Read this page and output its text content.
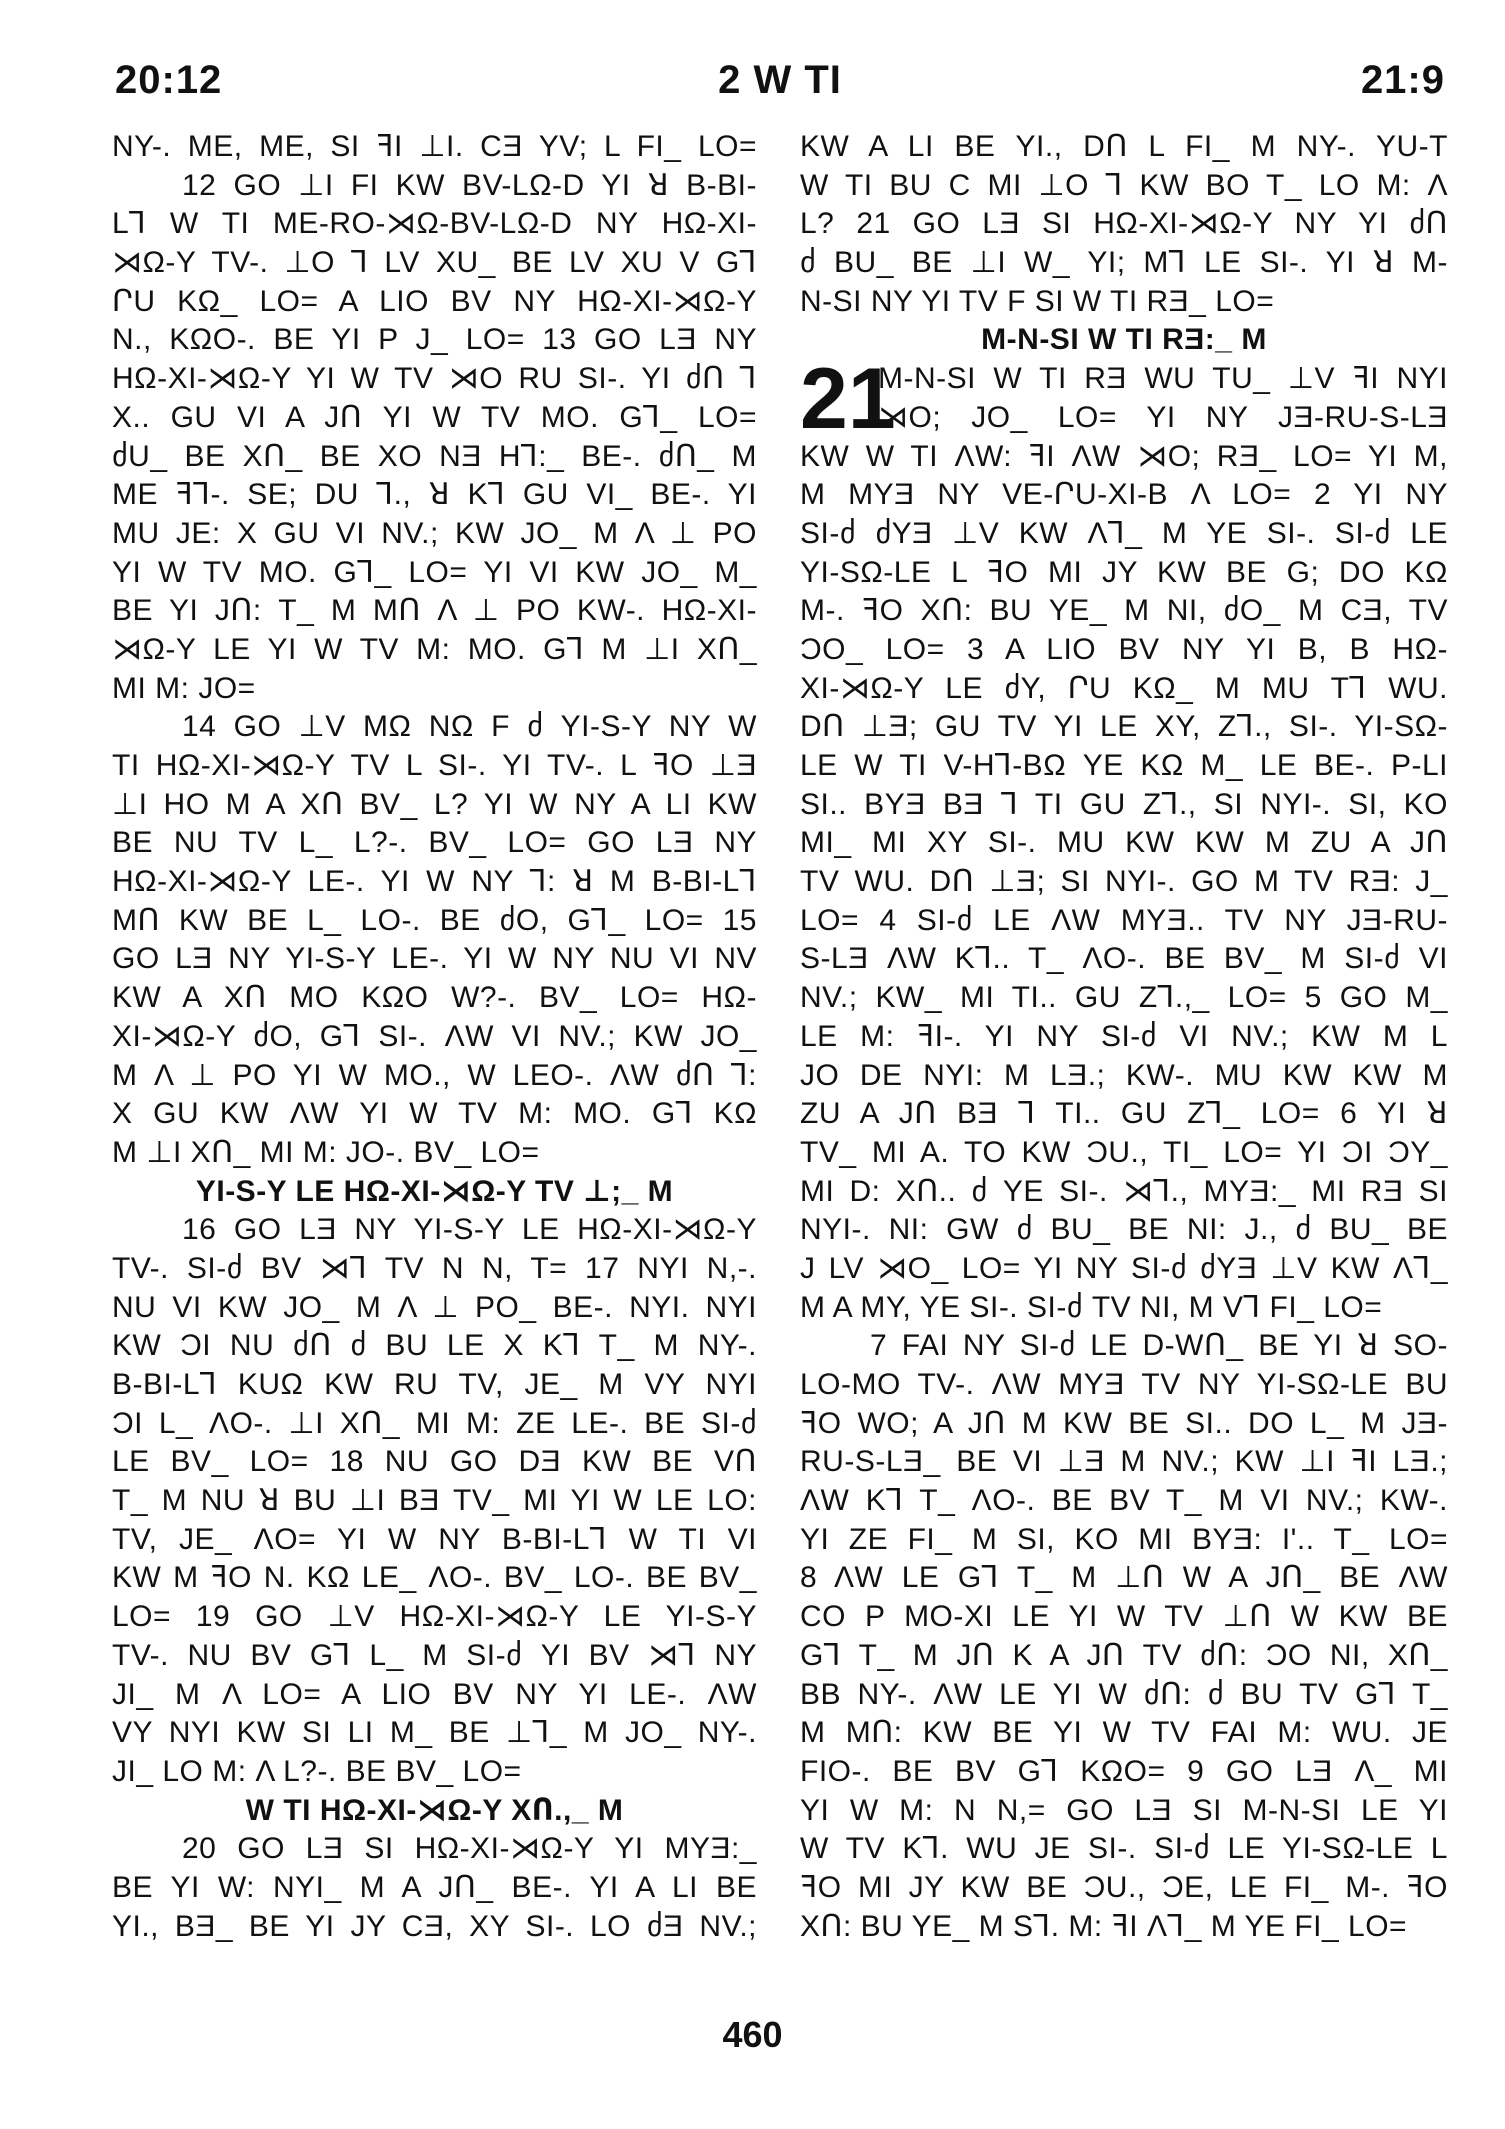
2 W TI
20:12	21:9
NY-. ME, ME, SI ꟻI ⊥I. CƎ YV; L FI_ LO=
12 GO ⊥I FI KW BV-LΩ-D YI ꓤ B-BI-
L⅂ W TI ME-RO-⋊Ω-BV-LΩ-D NY HΩ-XI-
⋊Ω-Y TV-. ⊥O ⅂ LV XU_ BE LV XU V G⅂
ՐU KΩ_ LO= A LIO BV NY HΩ-XI-⋊Ω-Y
N., KΩO-. BE YI P J_ LO= 13 GO LƎ NY
HΩ-XI-⋊Ω-Y YI W TV ⋊O RU SI-. YI ძՈ ⅂
X.. GU VI A JՈ YI W TV MO. G⅂_ LO=
ძU_ BE XՈ_ BE XO NƎ H⅂:_ BE-. ძՈ_ M
ME ꟻ⅂-. SE; DU ⅂., ꓤ K⅂ GU VI_ BE-. YI
MU JE: X GU VI NV.; KW JO_ M Λ ⊥ PO
YI W TV MO. G⅂_ LO= YI VI KW JO_ M_
BE YI JՈ: T_ M MՈ Λ ⊥ PO KW-. HΩ-XI-
⋊Ω-Y LE YI W TV M: MO. G⅂ M ⊥I XՈ_
MI M: JO=
14 GO ⊥V MΩ NΩ F ძ YI-S-Y NY W
TI HΩ-XI-⋊Ω-Y TV L SI-. YI TV-. L ꟻO ⊥Ǝ
⊥I HO M A XՈ BV_ L? YI W NY A LI KW
BE NU TV L_ L?-. BV_ LO= GO LƎ NY
HΩ-XI-⋊Ω-Y LE-. YI W NY ⅂: ꓤ M B-BI-L⅂
MՈ KW BE L_ LO-. BE ძO, G⅂_ LO= 15
GO LƎ NY YI-S-Y LE-. YI W NY NU VI NV
KW A XՈ MO KΩO W?-. BV_ LO= HΩ-
XI-⋊Ω-Y ძO, G⅂ SI-. ΛW VI NV.; KW JO_
M Λ ⊥ PO YI W MO., W LEO-. ΛW ძՈ ⅂:
X GU KW ΛW YI W TV M: MO. G⅂ KΩ
M ⊥I XՈ_ MI M: JO-. BV_ LO=
YI-S-Y LE HΩ-XI-⋊Ω-Y TV ⊥;_ M
16 GO LƎ NY YI-S-Y LE HΩ-XI-⋊Ω-Y
TV-. SI-ძ BV ⋊⅂ TV N N, T= 17 NYI N,-.
NU VI KW JO_ M Λ ⊥ PO_ BE-. NYI. NYI
KW ƆI NU ძՈ ძ BU LE X K⅂ T_ M NY-.
B-BI-L⅂ KUΩ KW RU TV, JE_ M VY NYI
ƆI L_ ΛO-. ⊥I XՈ_ MI M: ZE LE-. BE SI-ძ
LE BV_ LO= 18 NU GO DƎ KW BE VՈ
T_ M NU ꓤ BU ⊥I BƎ TV_ MI YI W LE LO:
TV, JE_ ΛO= YI W NY B-BI-L⅂ W TI VI
KW M ꟻO N. KΩ LE_ ΛO-. BV_ LO-. BE BV_
LO= 19 GO ⊥V HΩ-XI-⋊Ω-Y LE YI-S-Y
TV-. NU BV G⅂ L_ M SI-ძ YI BV ⋊⅂ NY
JI_ M Λ LO= A LIO BV NY YI LE-. ΛW
VY NYI KW SI LI M_ BE ⊥⅂_ M JO_ NY-.
JI_ LO M: Λ L?-. BE BV_ LO=
W TI HΩ-XI-⋊Ω-Y XՈ.,_ M
20 GO LƎ SI HΩ-XI-⋊Ω-Y YI MYƎ:_
BE YI W: NYI_ M A JՈ_ BE-. YI A LI BE
YI., BƎ_ BE YI JY CƎ, XY SI-. LO ძƎ NV.;
KW A LI BE YI., DՈ L FI_ M NY-. YU-T
W TI BU C MI ⊥O ⅂ KW BO T_ LO M: Λ
L? 21 GO LƎ SI HΩ-XI-⋊Ω-Y NY YI ძՈ
ძ BU_ BE ⊥I W_ YI; M⅂ LE SI-. YI ꓤ M-
N-SI NY YI TV F SI W TI RƎ_ LO=
M-N-SI W TI RƎ:_ M
21
M-N-SI W TI RƎ WU TU_ ⊥V ꟻI NYI
⋊O; JO_ LO= YI NY JƎ-RU-S-LƎ
KW W TI ΛW: ꟻI ΛW ⋊O; RƎ_ LO= YI M,
M MYƎ NY VE-ՐU-XI-B Λ LO= 2 YI NY
SI-ძ ძYƎ ⊥V KW Λ⅂_ M YE SI-. SI-ძ LE
YI-SΩ-LE L ꟻO MI JY KW BE G; DO KΩ
M-. ꟻO XՈ: BU YE_ M NI, ძO_ M CƎ, TV
ƆO_ LO= 3 A LIO BV NY YI B, B HΩ-
XI-⋊Ω-Y LE ძY, ՐU KΩ_ M MU T⅂ WU.
DՈ ⊥Ǝ; GU TV YI LE XY, Z⅂., SI-. YI-SΩ-
LE W TI V-H⅂-BΩ YE KΩ M_ LE BE-. P-LI
SI.. BYƎ BƎ ⅂ TI GU Z⅂., SI NYI-. SI, KO
MI_ MI XY SI-. MU KW KW M ZU A JՈ
TV WU. DՈ ⊥Ǝ; SI NYI-. GO M TV RƎ: J_
LO= 4 SI-ძ LE ΛW MYƎ.. TV NY JƎ-RU-
S-LƎ ΛW K⅂.. T_ ΛO-. BE BV_ M SI-ძ VI
NV.; KW_ MI TI.. GU Z⅂.,_ LO= 5 GO M_
LE M: ꟻI-. YI NY SI-ძ VI NV.; KW M L
JO DE NYI: M LƎ.; KW-. MU KW KW M
ZU A JՈ BƎ ⅂ TI.. GU Z⅂_ LO= 6 YI ꓤ
TV_ MI A. TO KW ƆU., TI_ LO= YI ƆI ƆY_
MI D: XՈ.. ძ YE SI-. ⋊⅂., MYƎ:_ MI RƎ SI
NYI-. NI: GW ძ BU_ BE NI: J., ძ BU_ BE
J LV ⋊O_ LO= YI NY SI-ძ ძYƎ ⊥V KW Λ⅂_
M A MY, YE SI-. SI-ძ TV NI, M V⅂ FI_ LO=
7 FAI NY SI-ძ LE D-WՈ_ BE YI ꓤ SO-
LO-MO TV-. ΛW MYƎ TV NY YI-SΩ-LE BU
ꟻO WO; A JՈ M KW BE SI.. DO L_ M JƎ-
RU-S-LƎ_ BE VI ⊥Ǝ M NV.; KW ⊥I ꟻI LƎ.;
ΛW K⅂ T_ ΛO-. BE BV T_ M VI NV.; KW-.
YI ZE FI_ M SI, KO MI BYƎ: I'.. T_ LO=
8 ΛW LE G⅂ T_ M ⊥Ո W A JՈ_ BE ΛW
CO P MO-XI LE YI W TV ⊥Ո W KW BE
G⅂ T_ M JՈ K A JՈ TV ძՈ: ƆO NI, XՈ_
BB NY-. ΛW LE YI W ძՈ: ძ BU TV G⅂ T_
M MՈ: KW BE YI W TV FAI M: WU. JE
FIO-. BE BV G⅂ KΩO= 9 GO LƎ Λ_ MI
YI W M: N N,= GO LƎ SI M-N-SI LE YI
W TV K⅂. WU JE SI-. SI-ძ LE YI-SΩ-LE L
ꟻO MI JY KW BE ƆU., ƆE, LE FI_ M-. ꟻO
XՈ: BU YE_ M S⅂. M: ꟻI Λ⅂_ M YE FI_ LO=
460
